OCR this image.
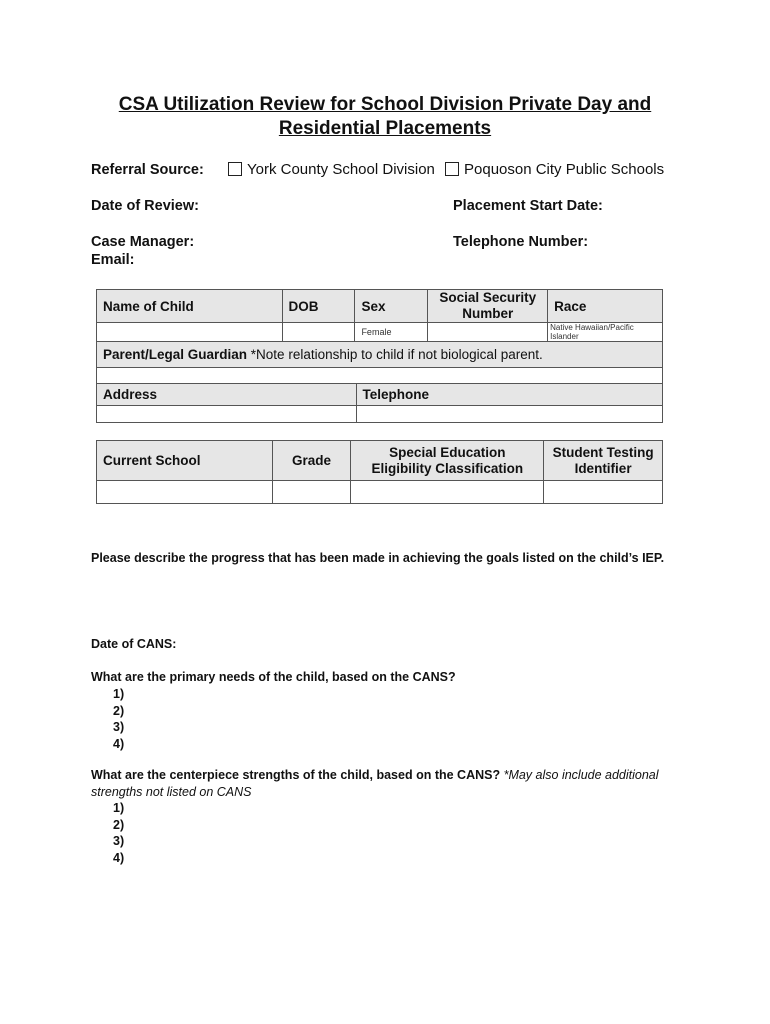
CSA Utilization Review for School Division Private Day and
Residential Placements
Referral Source:	York County School Division	Poquoson City Public Schools
Date of Review:	Placement Start Date:
Case Manager:	Telephone Number:
Email:
Name of Child	DOB	Sex	Social Security Number	Race
		Female		Native Hawaiian/Pacific Islander
Parent/Legal Guardian *Note relationship to child if not biological parent.				

Address	Telephone

Current School	Grade	Special Education Eligibility Classification	Student Testing Identifier

Please describe the progress that has been made in achieving the goals listed on the child’s IEP.
Date of CANS:
What are the primary needs of the child, based on the CANS?
1)
2)
3)
4)
What are the centerpiece strengths of the child, based on the CANS? *May also include additional strengths not listed on CANS
1)
2)
3)
4)
